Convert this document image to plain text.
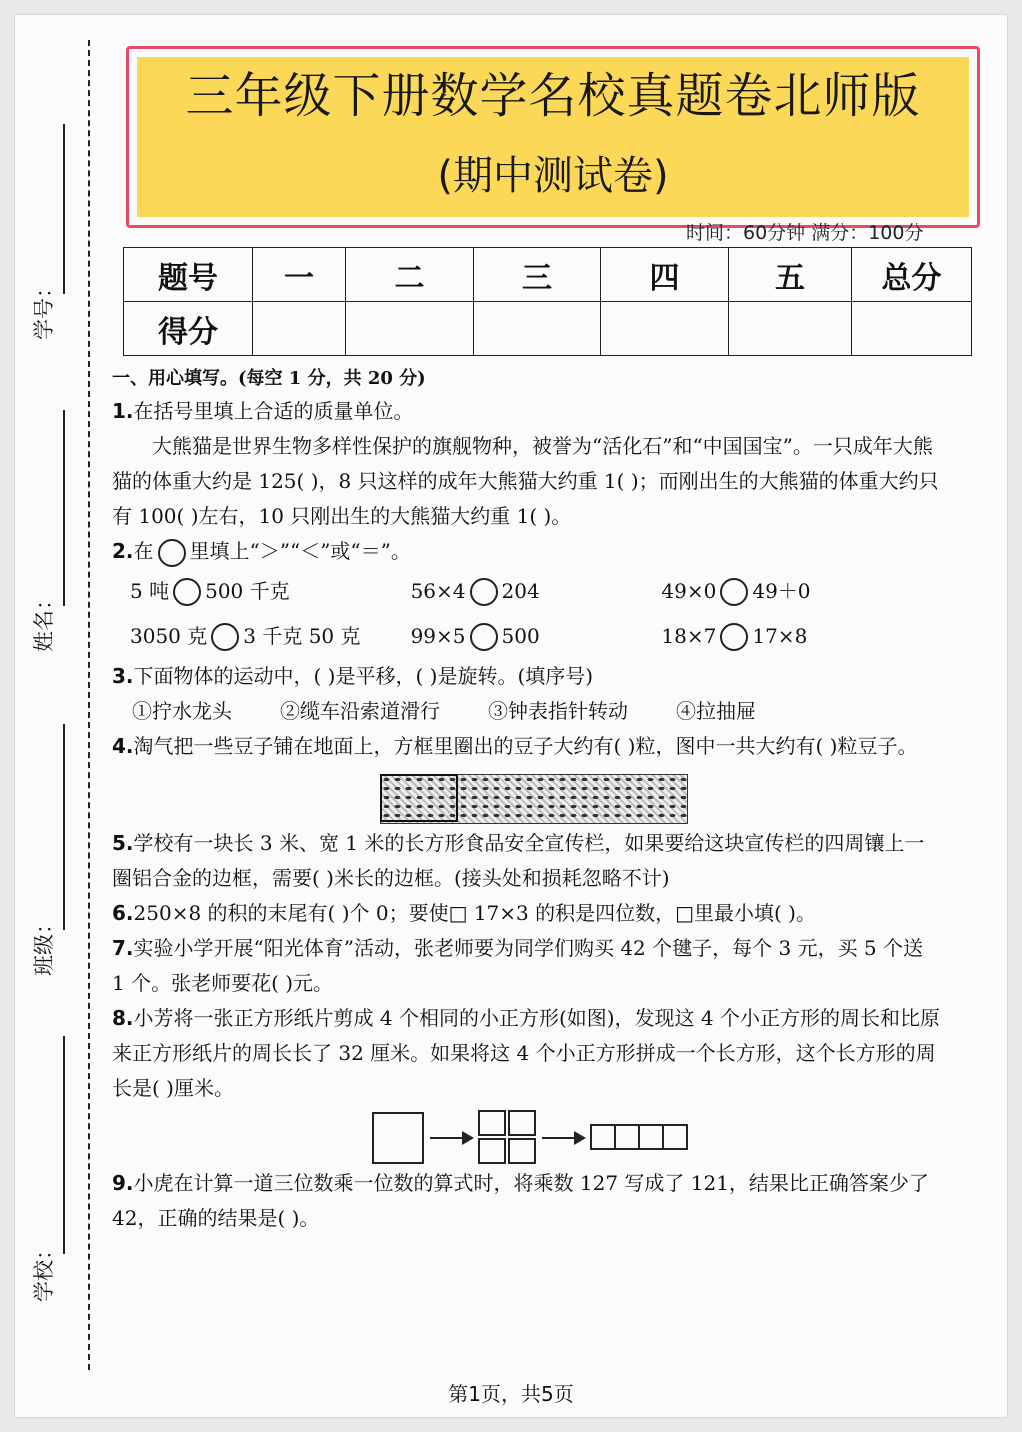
学号：
姓名：
班级：
学校：
三年级下册数学名校真题卷北师版
(期中测试卷)
时间：60分钟 满分：100分
题号	一	二	三	四	五	总分
得分						
一、用心填写。(每空 1 分，共 20 分)
1.在括号里填上合适的质量单位。
大熊猫是世界生物多样性保护的旗舰物种，被誉为“活化石”和“中国国宝”。一只成年大熊猫的体重大约是 125( )，8 只这样的成年大熊猫大约重 1( )；而刚出生的大熊猫的体重大约只有 100( )左右，10 只刚出生的大熊猫大约重 1( )。
2.在 里填上“＞”“＜”或“＝”。
5 吨 500 千克	56×4 204	49×0 49＋0
3050 克 3 千克 50 克	99×5 500	18×7 17×8
3.下面物体的运动中，( )是平移，( )是旋转。(填序号)
①拧水龙头 ②缆车沿索道滑行 ③钟表指针转动 ④拉抽屉
4.淘气把一些豆子铺在地面上，方框里圈出的豆子大约有( )粒，图中一共大约有( )粒豆子。
5.学校有一块长 3 米、宽 1 米的长方形食品安全宣传栏，如果要给这块宣传栏的四周镶上一圈铝合金的边框，需要( )米长的边框。(接头处和损耗忽略不计)
6.250×8 的积的末尾有( )个 0；要使□ 17×3 的积是四位数，□里最小填( )。
7.实验小学开展“阳光体育”活动，张老师要为同学们购买 42 个毽子，每个 3 元，买 5 个送 1 个。张老师要花( )元。
8.小芳将一张正方形纸片剪成 4 个相同的小正方形(如图)，发现这 4 个小正方形的周长和比原来正方形纸片的周长长了 32 厘米。如果将这 4 个小正方形拼成一个长方形，这个长方形的周长是( )厘米。
9.小虎在计算一道三位数乘一位数的算式时，将乘数 127 写成了 121，结果比正确答案少了 42，正确的结果是( )。
第1页，共5页
